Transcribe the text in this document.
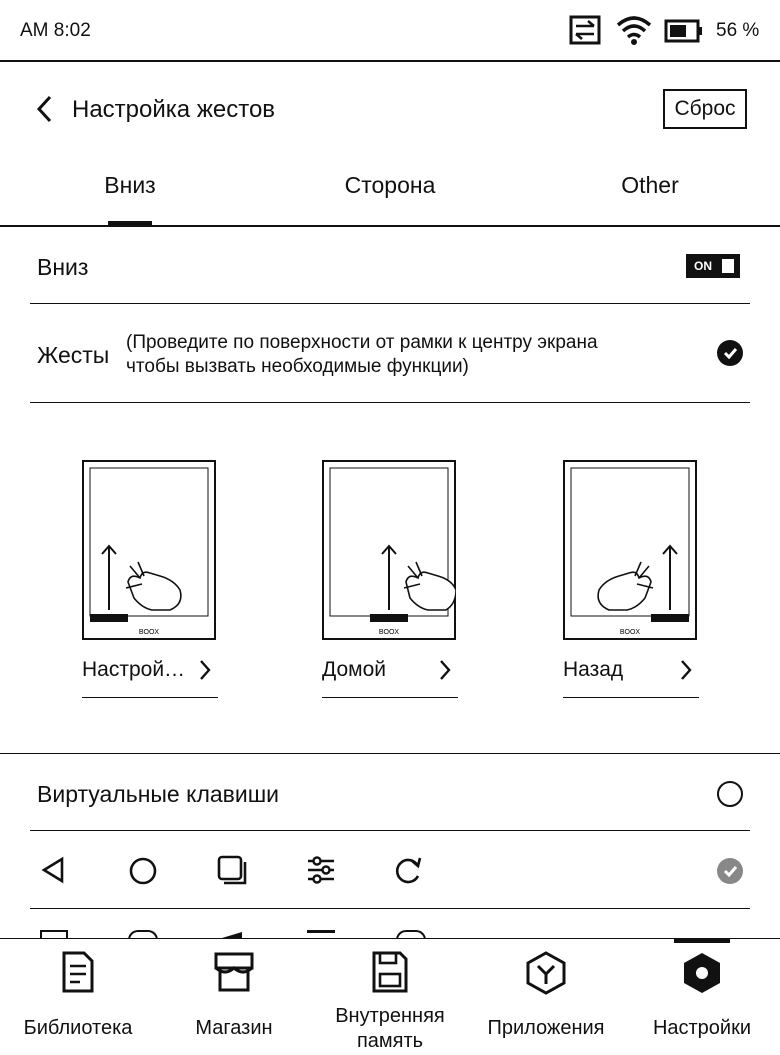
AM 8:02	56 %
Настройка жестов	Сброс
Вниз	Сторона	Other
Вниз	ON
Жесты (Проведите по поверхности от рамки к центру экрана
чтобы вызвать необходимые функции)
BOOX
Настрой…
BOOX
Домой
BOOX
Назад
Виртуальные клавиши
Библиотека	Магазин
Внутренняя
память
Приложения	Настройки
